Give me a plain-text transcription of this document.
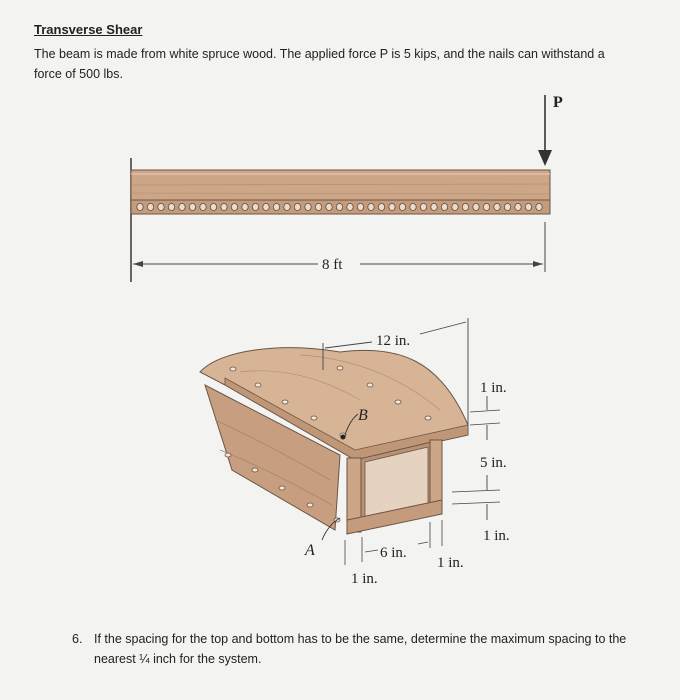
Transverse Shear

The beam is made from white spruce wood. The applied force P is 5 kips, and the nails can withstand a force of 500 lbs.

P
8 ft
B
A
12 in.
1 in.
5 in.
1 in.
6 in.
1 in.
1 in.
6. If the spacing for the top and bottom has to be the same, determine the maximum spacing to the nearest ¼ inch for the system.
